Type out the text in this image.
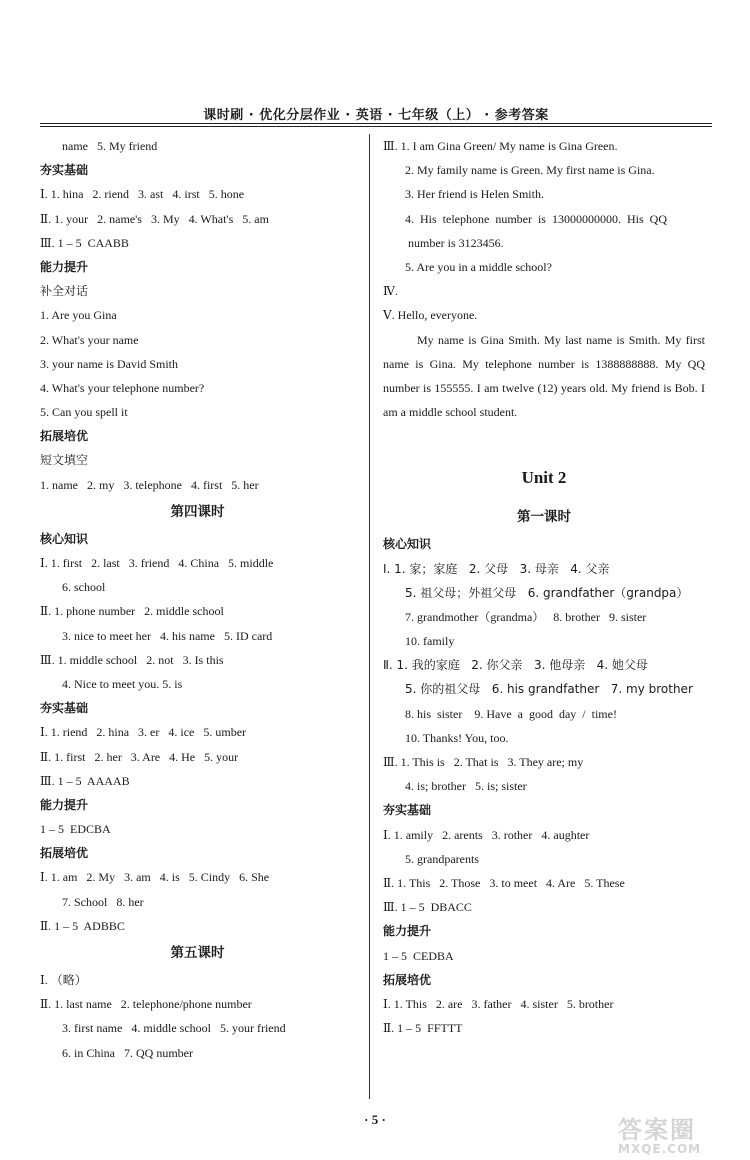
课时刷 · 优化分层作业 · 英语 · 七年级（上） · 参考答案
name   5. My friend
夯实基础
Ⅰ. 1. hina   2. riend   3. ast   4. irst   5. hone
Ⅱ. 1. your   2. name's   3. My   4. What's   5. am
Ⅲ. 1 – 5  CAABB
能力提升
补全对话
1. Are you Gina
2. What's your name
3. your name is David Smith
4. What's your telephone number?
5. Can you spell it
拓展培优
短文填空
1. name   2. my   3. telephone   4. first   5. her
第四课时
核心知识
Ⅰ. 1. first   2. last   3. friend   4. China   5. middle
6. school
Ⅱ. 1. phone number   2. middle school
3. nice to meet her   4. his name   5. ID card
Ⅲ. 1. middle school   2. not   3. Is this
4. Nice to meet you. 5. is
夯实基础
Ⅰ. 1. riend   2. hina   3. er   4. ice   5. umber
Ⅱ. 1. first   2. her   3. Are   4. He   5. your
Ⅲ. 1 – 5  AAAAB
能力提升
1 – 5  EDCBA
拓展培优
Ⅰ. 1. am   2. My   3. am   4. is   5. Cindy   6. She
7. School   8. her
Ⅱ. 1 – 5  ADBBC
第五课时
Ⅰ. （略）
Ⅱ. 1. last name   2. telephone/phone number
3. first name   4. middle school   5. your friend
6. in China   7. QQ number
Ⅲ. 1. I am Gina Green/ My name is Gina Green.
2. My family name is Green. My first name is Gina.
3. Her friend is Helen Smith.
4.  His  telephone  number  is  13000000000.  His  QQ
number is 3123456.
5. Are you in a middle school?
Ⅳ.
Ⅴ. Hello, everyone.
My name is Gina Smith. My last name is Smith. My first name is Gina. My telephone number is 1388888888. My QQ number is 155555. I am twelve (12) years old. My friend is Bob. I am a middle school student.
Unit 2
第一课时
核心知识
Ⅰ. 1. 家；家庭   2. 父母   3. 母亲   4. 父亲
5. 祖父母；外祖父母   6. grandfather（grandpa）
7. grandmother（grandma）   8. brother   9. sister
10. family
Ⅱ. 1. 我的家庭   2. 你父亲   3. 他母亲   4. 她父母
5. 你的祖父母   6. his grandfather   7. my brother
8. his  sister    9. Have  a  good  day  /  time!
10. Thanks! You, too.
Ⅲ. 1. This is   2. That is   3. They are; my
4. is; brother   5. is; sister
夯实基础
Ⅰ. 1. amily   2. arents   3. rother   4. aughter
5. grandparents
Ⅱ. 1. This   2. Those   3. to meet   4. Are   5. These
Ⅲ. 1 – 5  DBACC
能力提升
1 – 5  CEDBA
拓展培优
Ⅰ. 1. This   2. are   3. father   4. sister   5. brother
Ⅱ. 1 – 5  FFTTT
· 5 ·	答案圈
MXQE.COM
